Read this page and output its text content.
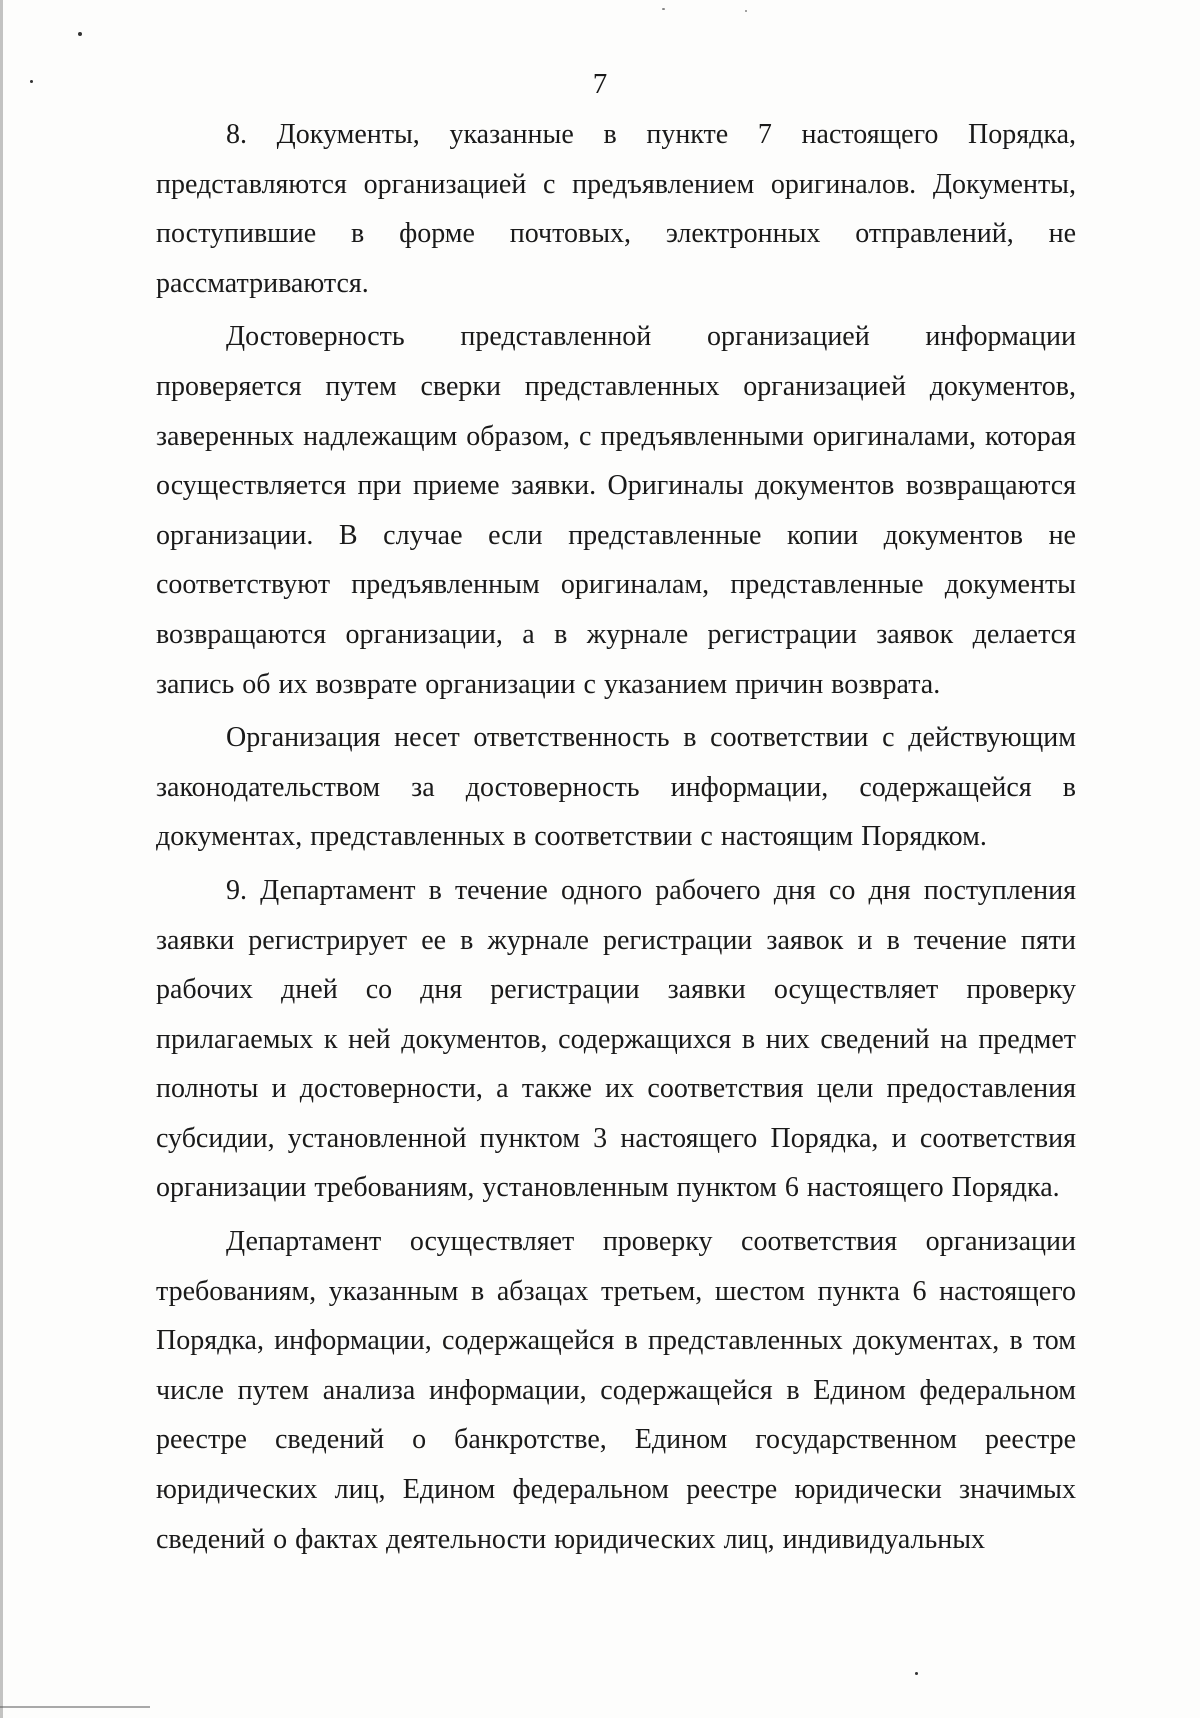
7

8. Документы, указанные в пункте 7 настоящего Порядка, представляются организацией с предъявлением оригиналов. Документы, поступившие в форме почтовых, электронных отправлений, не рассматриваются.

Достоверность представленной организацией информации проверяется путем сверки представленных организацией документов, заверенных надлежащим образом, с предъявленными оригиналами, которая осуществляется при приеме заявки. Оригиналы документов возвращаются организации. В случае если представленные копии документов не соответствуют предъявленным оригиналам, представленные документы возвращаются организации, а в журнале регистрации заявок делается запись об их возврате организации с указанием причин возврата.

Организация несет ответственность в соответствии с действующим законодательством за достоверность информации, содержащейся в документах, представленных в соответствии с настоящим Порядком.

9. Департамент в течение одного рабочего дня со дня поступления заявки регистрирует ее в журнале регистрации заявок и в течение пяти рабочих дней со дня регистрации заявки осуществляет проверку прилагаемых к ней документов, содержащихся в них сведений на предмет полноты и достоверности, а также их соответствия цели предоставления субсидии, установленной пунктом 3 настоящего Порядка, и соответствия организации требованиям, установленным пунктом 6 настоящего Порядка.

Департамент осуществляет проверку соответствия организации требованиям, указанным в абзацах третьем, шестом пункта 6 настоящего Порядка, информации, содержащейся в представленных документах, в том числе путем анализа информации, содержащейся в Едином федеральном реестре сведений о банкротстве, Едином государственном реестре юридических лиц, Едином федеральном реестре юридически значимых сведений о фактах деятельности юридических лиц, индивидуальных
